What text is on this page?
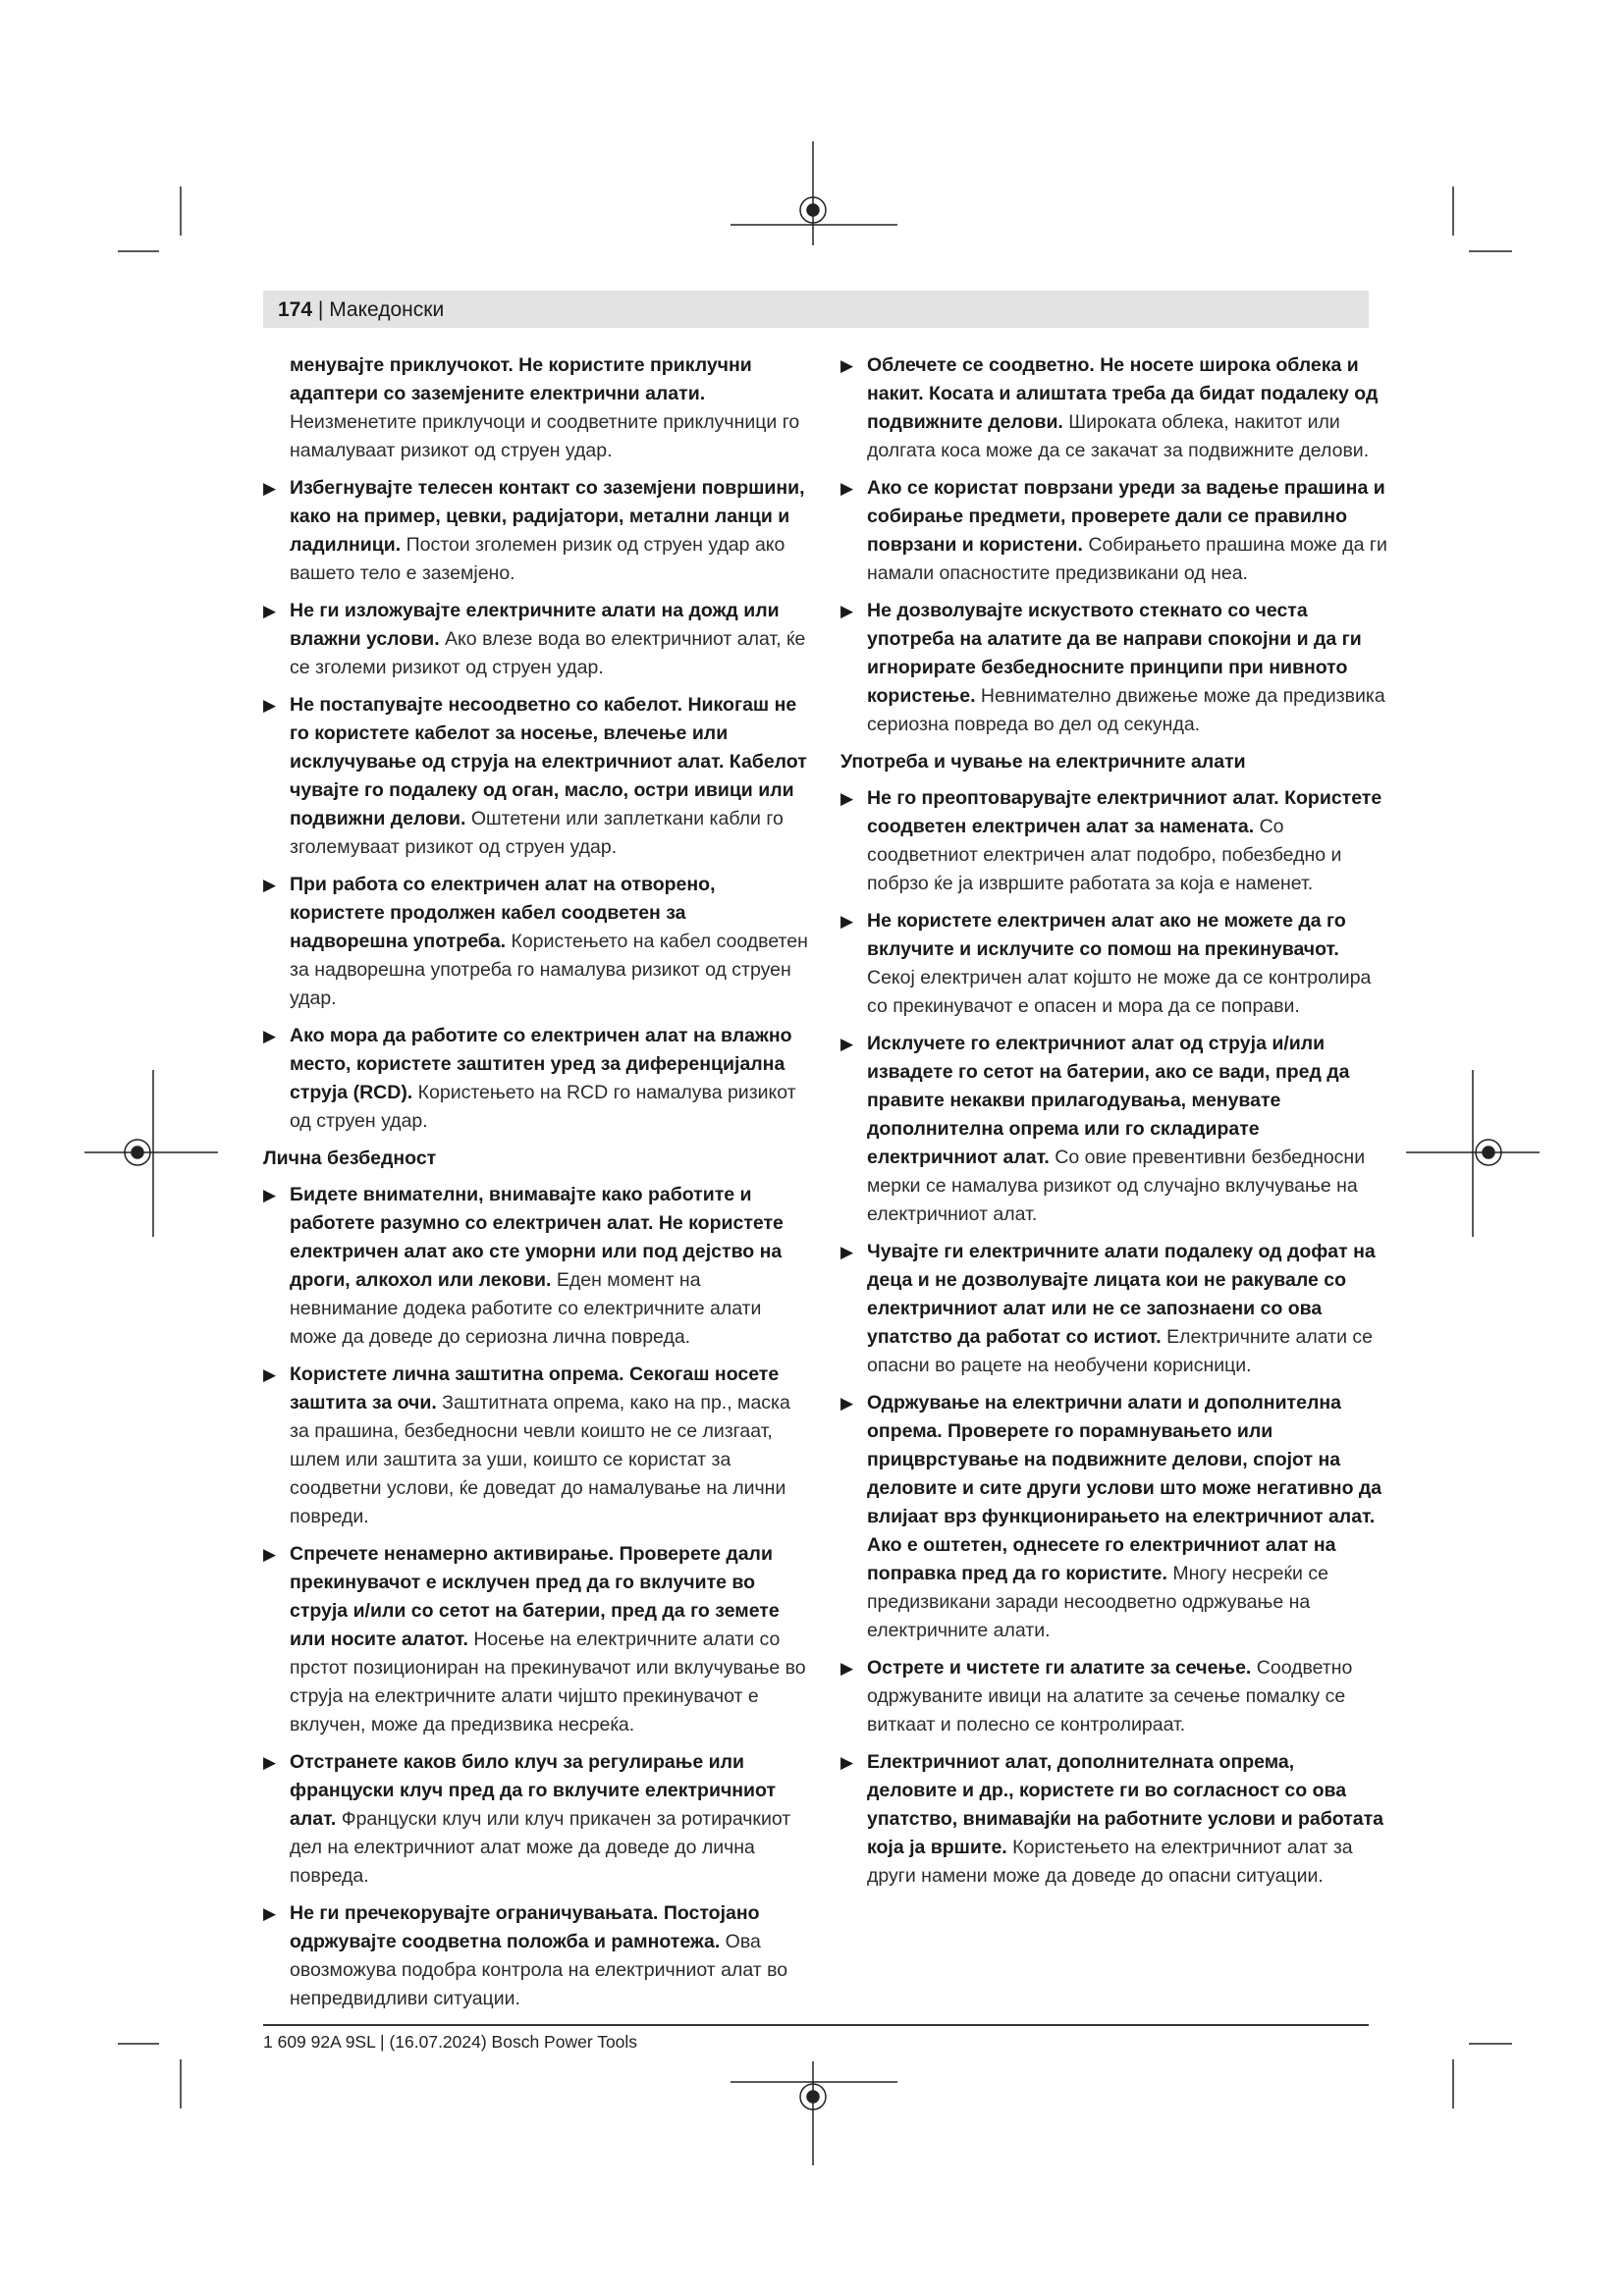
174 | Македонски
менувајте приклучокот. Не користите приклучни адаптери со заземјените електрични алати. Неизменетите приклучоци и соодветните приклучници го намалуваат ризикот од струен удар.
▶ Избегнувајте телесен контакт со заземјени површини, како на пример, цевки, радијатори, метални ланци и ладилници. Постои зголемен ризик од струен удар ако вашето тело е заземјено.
▶ Не ги изложувајте електричните алати на дожд или влажни услови. Ако влезе вода во електричниот алат, ќе се зголеми ризикот од струен удар.
▶ Не постапувајте несоодветно со кабелот. Никогаш не го користете кабелот за носење, влечење или исклучување од струја на електричниот алат. Кабелот чувајте го подалеку од оган, масло, остри ивици или подвижни делови. Оштетени или заплеткани кабли го зголемуваат ризикот од струен удар.
▶ При работа со електричен алат на отворено, користете продолжен кабел соодветен за надворешна употреба. Користењето на кабел соодветен за надворешна употреба го намалува ризикот од струен удар.
▶ Ако мора да работите со електричен алат на влажно место, користете заштитен уред за диференцијална струја (RCD). Користењето на RCD го намалува ризикот од струен удар.
Лична безбедност
▶ Бидете внимателни, внимавајте како работите и работете разумно со електричен алат. Не користете електричен алат ако сте уморни или под дејство на дроги, алкохол или лекови. Еден момент на невнимание додека работите со електричните алати може да доведе до сериозна лична повреда.
▶ Користете лична заштитна опрема. Секогаш носете заштита за очи. Заштитната опрема, како на пр., маска за прашина, безбедносни чевли коишто не се лизгаат, шлем или заштита за уши, коишто се користат за соодветни услови, ќе доведат до намалување на лични повреди.
▶ Спречете ненамерно активирање. Проверете дали прекинувачот е исклучен пред да го вклучите во струја и/или со сетот на батерии, пред да го земете или носите алатот. Носење на електричните алати со прстот позициониран на прекинувачот или вклучување во струја на електричните алати чијшто прекинувачот е вклучен, може да предизвика несреќа.
▶ Отстранете каков било клуч за регулирање или француски клуч пред да го вклучите електричниот алат. Француски клуч или клуч прикачен за ротирачкиот дел на електричниот алат може да доведе до лична повреда.
▶ Не ги пречекорувајте ограничувањата. Постојано одржувајте соодветна положба и рамнотежа. Ова овозможува подобра контрола на електричниот алат во непредвидливи ситуации.
▶ Облечете се соодветно. Не носете широка облека и накит. Косата и алиштата треба да бидат подалеку од подвижните делови. Широката облека, накитот или долгата коса може да се закачат за подвижните делови.
▶ Ако се користат поврзани уреди за вадење прашина и собирање предмети, проверете дали се правилно поврзани и користени. Собирањето прашина може да ги намали опасностите предизвикани од неа.
▶ Не дозволувајте искуството стекнато со честа употреба на алатите да ве направи спокојни и да ги игнорирате безбедносните принципи при нивното користење. Невнимателно движење може да предизвика сериозна повреда во дел од секунда.
Употреба и чување на електричните алати
▶ Не го преоптоварувајте електричниот алат. Користете соодветен електричен алат за намената. Со соодветниот електричен алат подобро, побезбедно и побрзо ќе ја извршите работата за која е наменет.
▶ Не користете електричен алат ако не можете да го вклучите и исклучите со помош на прекинувачот. Секој електричен алат којшто не може да се контролира со прекинувачот е опасен и мора да се поправи.
▶ Исклучете го електричниот алат од струја и/или извадете го сетот на батерии, ако се вади, пред да правите некакви прилагодувања, менувате дополнителна опрема или го складирате електричниот алат. Со овие превентивни безбедносни мерки се намалува ризикот од случајно вклучување на електричниот алат.
▶ Чувајте ги електричните алати подалеку од дофат на деца и не дозволувајте лицата кои не ракувале со електричниот алат или не се запознаени со ова упатство да работат со истиот. Електричните алати се опасни во рацете на необучени корисници.
▶ Одржување на електрични алати и дополнителна опрема. Проверете го порамнувањето или прицврстување на подвижните делови, спојот на деловите и сите други услови што може негативно да влијаат врз функционирањето на електричниот алат. Ако е оштетен, однесете го електричниот алат на поправка пред да го користите. Многу несреќи се предизвикани заради несоодветно одржување на електричните алати.
▶ Острете и чистете ги алатите за сечење. Соодветно одржуваните ивици на алатите за сечење помалку се виткаат и полесно се контролираат.
▶ Електричниот алат, дополнителната опрема, деловите и др., користете ги во согласност со ова упатство, внимавајќи на работните услови и работата која ја вршите. Користењето на електричниот алат за други намени може да доведе до опасни ситуации.
1 609 92A 9SL | (16.07.2024) Bosch Power Tools
